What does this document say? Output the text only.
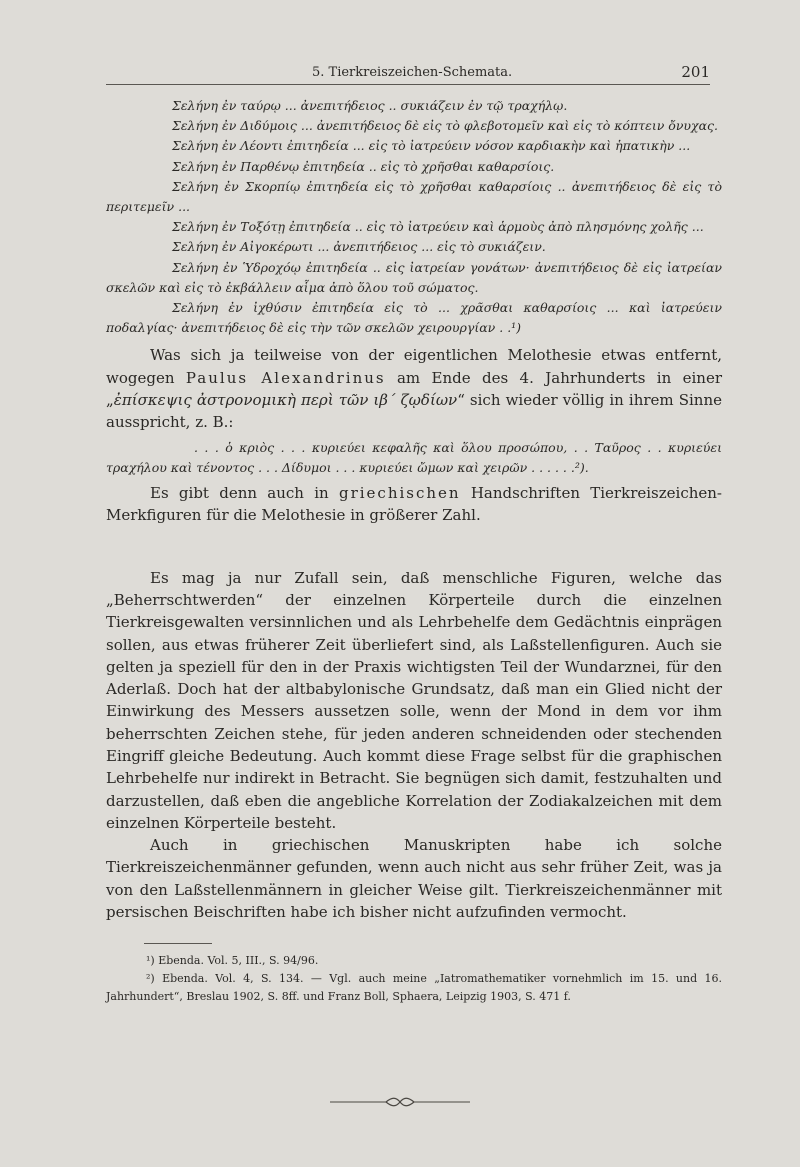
5. Tierkreiszeichen-Schemata.	201

Σελήνη ἐν ταύρῳ ... ἀνεπιτήδειος .. συκιάζειν ἐν τῷ τραχήλῳ.

Σελήνη ἐν Διδύμοις ... ἀνεπιτήδειος δὲ εἰς τὸ φλεβοτομεῖν καὶ εἰς τὸ κόπτειν ὄνυχας.

Σελήνη ἐν Λέοντι ἐπιτηδεία ... εἰς τὸ ἰατρεύειν νόσον καρδιακὴν καὶ ἡπατικὴν ...

Σελήνη ἐν Παρθένῳ ἐπιτηδεία .. εἰς τὸ χρῆσθαι καθαρσίοις.

Σελήνη ἐν Σκορπίῳ ἐπιτηδεία εἰς τὸ χρῆσθαι καθαρσίοις .. ἀνεπιτήδειος δὲ εἰς τὸ περιτεμεῖν ...

Σελήνη ἐν Τοξότῃ ἐπιτηδεία .. εἰς τὸ ἰατρεύειν καὶ ἁρμοὺς ἀπὸ πλησμόνης χολῆς ...

Σελήνη ἐν Αἰγοκέρωτι ... ἀνεπιτήδειος ... εἰς τὸ συκιάζειν.

Σελήνη ἐν Ὑδροχόῳ ἐπιτηδεία .. εἰς ἰατρείαν γονάτων· ἀνεπιτήδειος δὲ εἰς ἰατρείαν σκελῶν καὶ εἰς τὸ ἐκβάλλειν αἷμα ἀπὸ ὅλου τοῦ σώματος.

Σελήνη ἐν ἰχθύσιν ἐπιτηδεία εἰς τὸ ... χρᾶσθαι καθαρσίοις ... καὶ ἰατρεύειν ποδαλγίας· ἀνεπιτήδειος δὲ εἰς τὴν τῶν σκελῶν χειρουργίαν . .¹)

Was sich ja teilweise von der eigentlichen Melothesie etwas entfernt, wogegen Paulus Alexandrinus am Ende des 4. Jahrhunderts in einer „ἐπίσκεψις ἀστρονομικὴ περὶ τῶν ιβ´ ζῳδίων“ sich wieder völlig in ihrem Sinne ausspricht, z. B.:

. . . ὁ κριὸς . . . κυριεύει κεφαλῆς καὶ ὅλου προσώπου, . . Ταῦρος . . κυριεύει τραχήλου καὶ τένοντος . . . Δίδυμοι . . . κυριεύει ὤμων καὶ χειρῶν . . . . . .²).

Es gibt denn auch in griechischen Handschriften Tierkreiszeichen-Merkfiguren für die Melothesie in größerer Zahl.

Es mag ja nur Zufall sein, daß menschliche Figuren, welche das „Beherrschtwerden“ der einzelnen Körperteile durch die einzelnen Tierkreisgewalten versinnlichen und als Lehrbehelfe dem Gedächtnis einprägen sollen, aus etwas früherer Zeit überliefert sind, als Laßstellenfiguren. Auch sie gelten ja speziell für den in der Praxis wichtigsten Teil der Wundarznei, für den Aderlaß. Doch hat der altbabylonische Grundsatz, daß man ein Glied nicht der Einwirkung des Messers aussetzen solle, wenn der Mond in dem vor ihm beherrschten Zeichen stehe, für jeden anderen schneidenden oder stechenden Eingriff gleiche Bedeutung. Auch kommt diese Frage selbst für die graphischen Lehrbehelfe nur indirekt in Betracht. Sie begnügen sich damit, festzuhalten und darzustellen, daß eben die angebliche Korrelation der Zodiakalzeichen mit dem einzelnen Körperteile besteht.

Auch in griechischen Manuskripten habe ich solche Tierkreiszeichenmänner gefunden, wenn auch nicht aus sehr früher Zeit, was ja von den Laßstellenmännern in gleicher Weise gilt. Tierkreiszeichenmänner mit persischen Beischriften habe ich bisher nicht aufzufinden vermocht.

¹) Ebenda. Vol. 5, III., S. 94/96.

²) Ebenda. Vol. 4, S. 134. — Vgl. auch meine „Iatromathematiker vornehmlich im 15. und 16. Jahrhundert“, Breslau 1902, S. 8ff. und Franz Boll, Sphaera, Leipzig 1903, S. 471 f.
